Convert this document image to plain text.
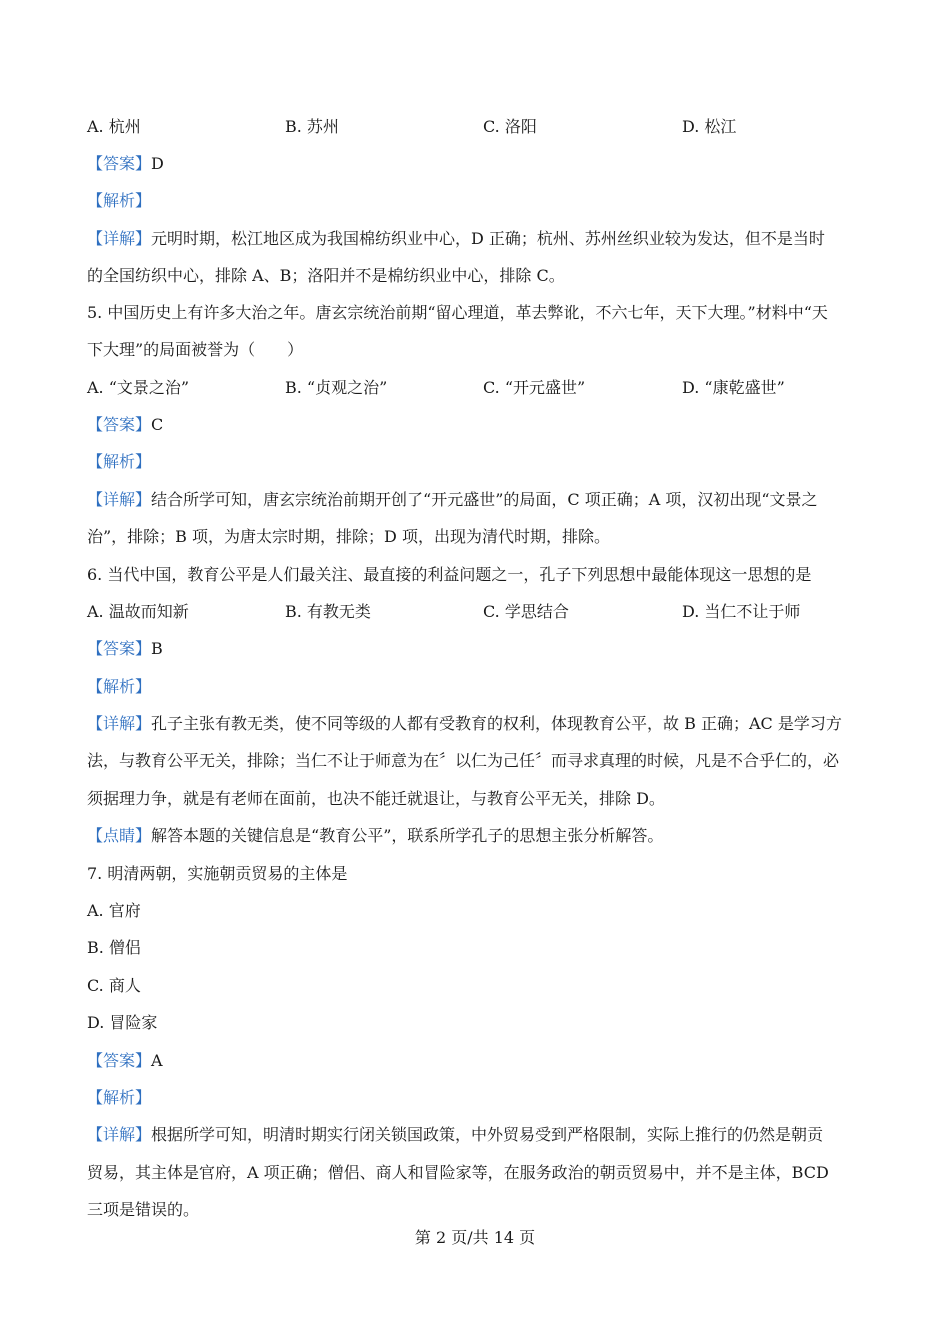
A. 杭州	B. 苏州	C. 洛阳	D. 松江
【答案】D
【解析】
【详解】元明时期，松江地区成为我国棉纺织业中心，D 正确；杭州、苏州丝织业较为发达，但不是当时
的全国纺织中心，排除 A、B；洛阳并不是棉纺织业中心，排除 C。
5. 中国历史上有许多大治之年。唐玄宗统治前期“留心理道，革去弊讹，不六七年，天下大理。”材料中“天
下大理”的局面被誉为（　　）
A. “文景之治”	B. “贞观之治”	C. “开元盛世”	D. “康乾盛世”
【答案】C
【解析】
【详解】结合所学可知，唐玄宗统治前期开创了“开元盛世”的局面，C 项正确；A 项，汉初出现“文景之
治”，排除；B 项，为唐太宗时期，排除；D 项，出现为清代时期，排除。
6. 当代中国，教育公平是人们最关注、最直接的利益问题之一，孔子下列思想中最能体现这一思想的是
A. 温故而知新	B. 有教无类	C. 学思结合	D. 当仁不让于师
【答案】B
【解析】
【详解】孔子主张有教无类，使不同等级的人都有受教育的权利，体现教育公平，故 B 正确；AC 是学习方
法，与教育公平无关，排除；当仁不让于师意为在〞以仁为己任〞而寻求真理的时候，凡是不合乎仁的，必
须据理力争，就是有老师在面前，也决不能迁就退让，与教育公平无关，排除 D。
【点睛】解答本题的关键信息是“教育公平”，联系所学孔子的思想主张分析解答。
7. 明清两朝，实施朝贡贸易的主体是
A. 官府
B. 僧侣
C. 商人
D. 冒险家
【答案】A
【解析】
【详解】根据所学可知，明清时期实行闭关锁国政策，中外贸易受到严格限制，实际上推行的仍然是朝贡
贸易，其主体是官府，A 项正确；僧侣、商人和冒险家等，在服务政治的朝贡贸易中，并不是主体，BCD
三项是错误的。
第 2 页/共 14 页
